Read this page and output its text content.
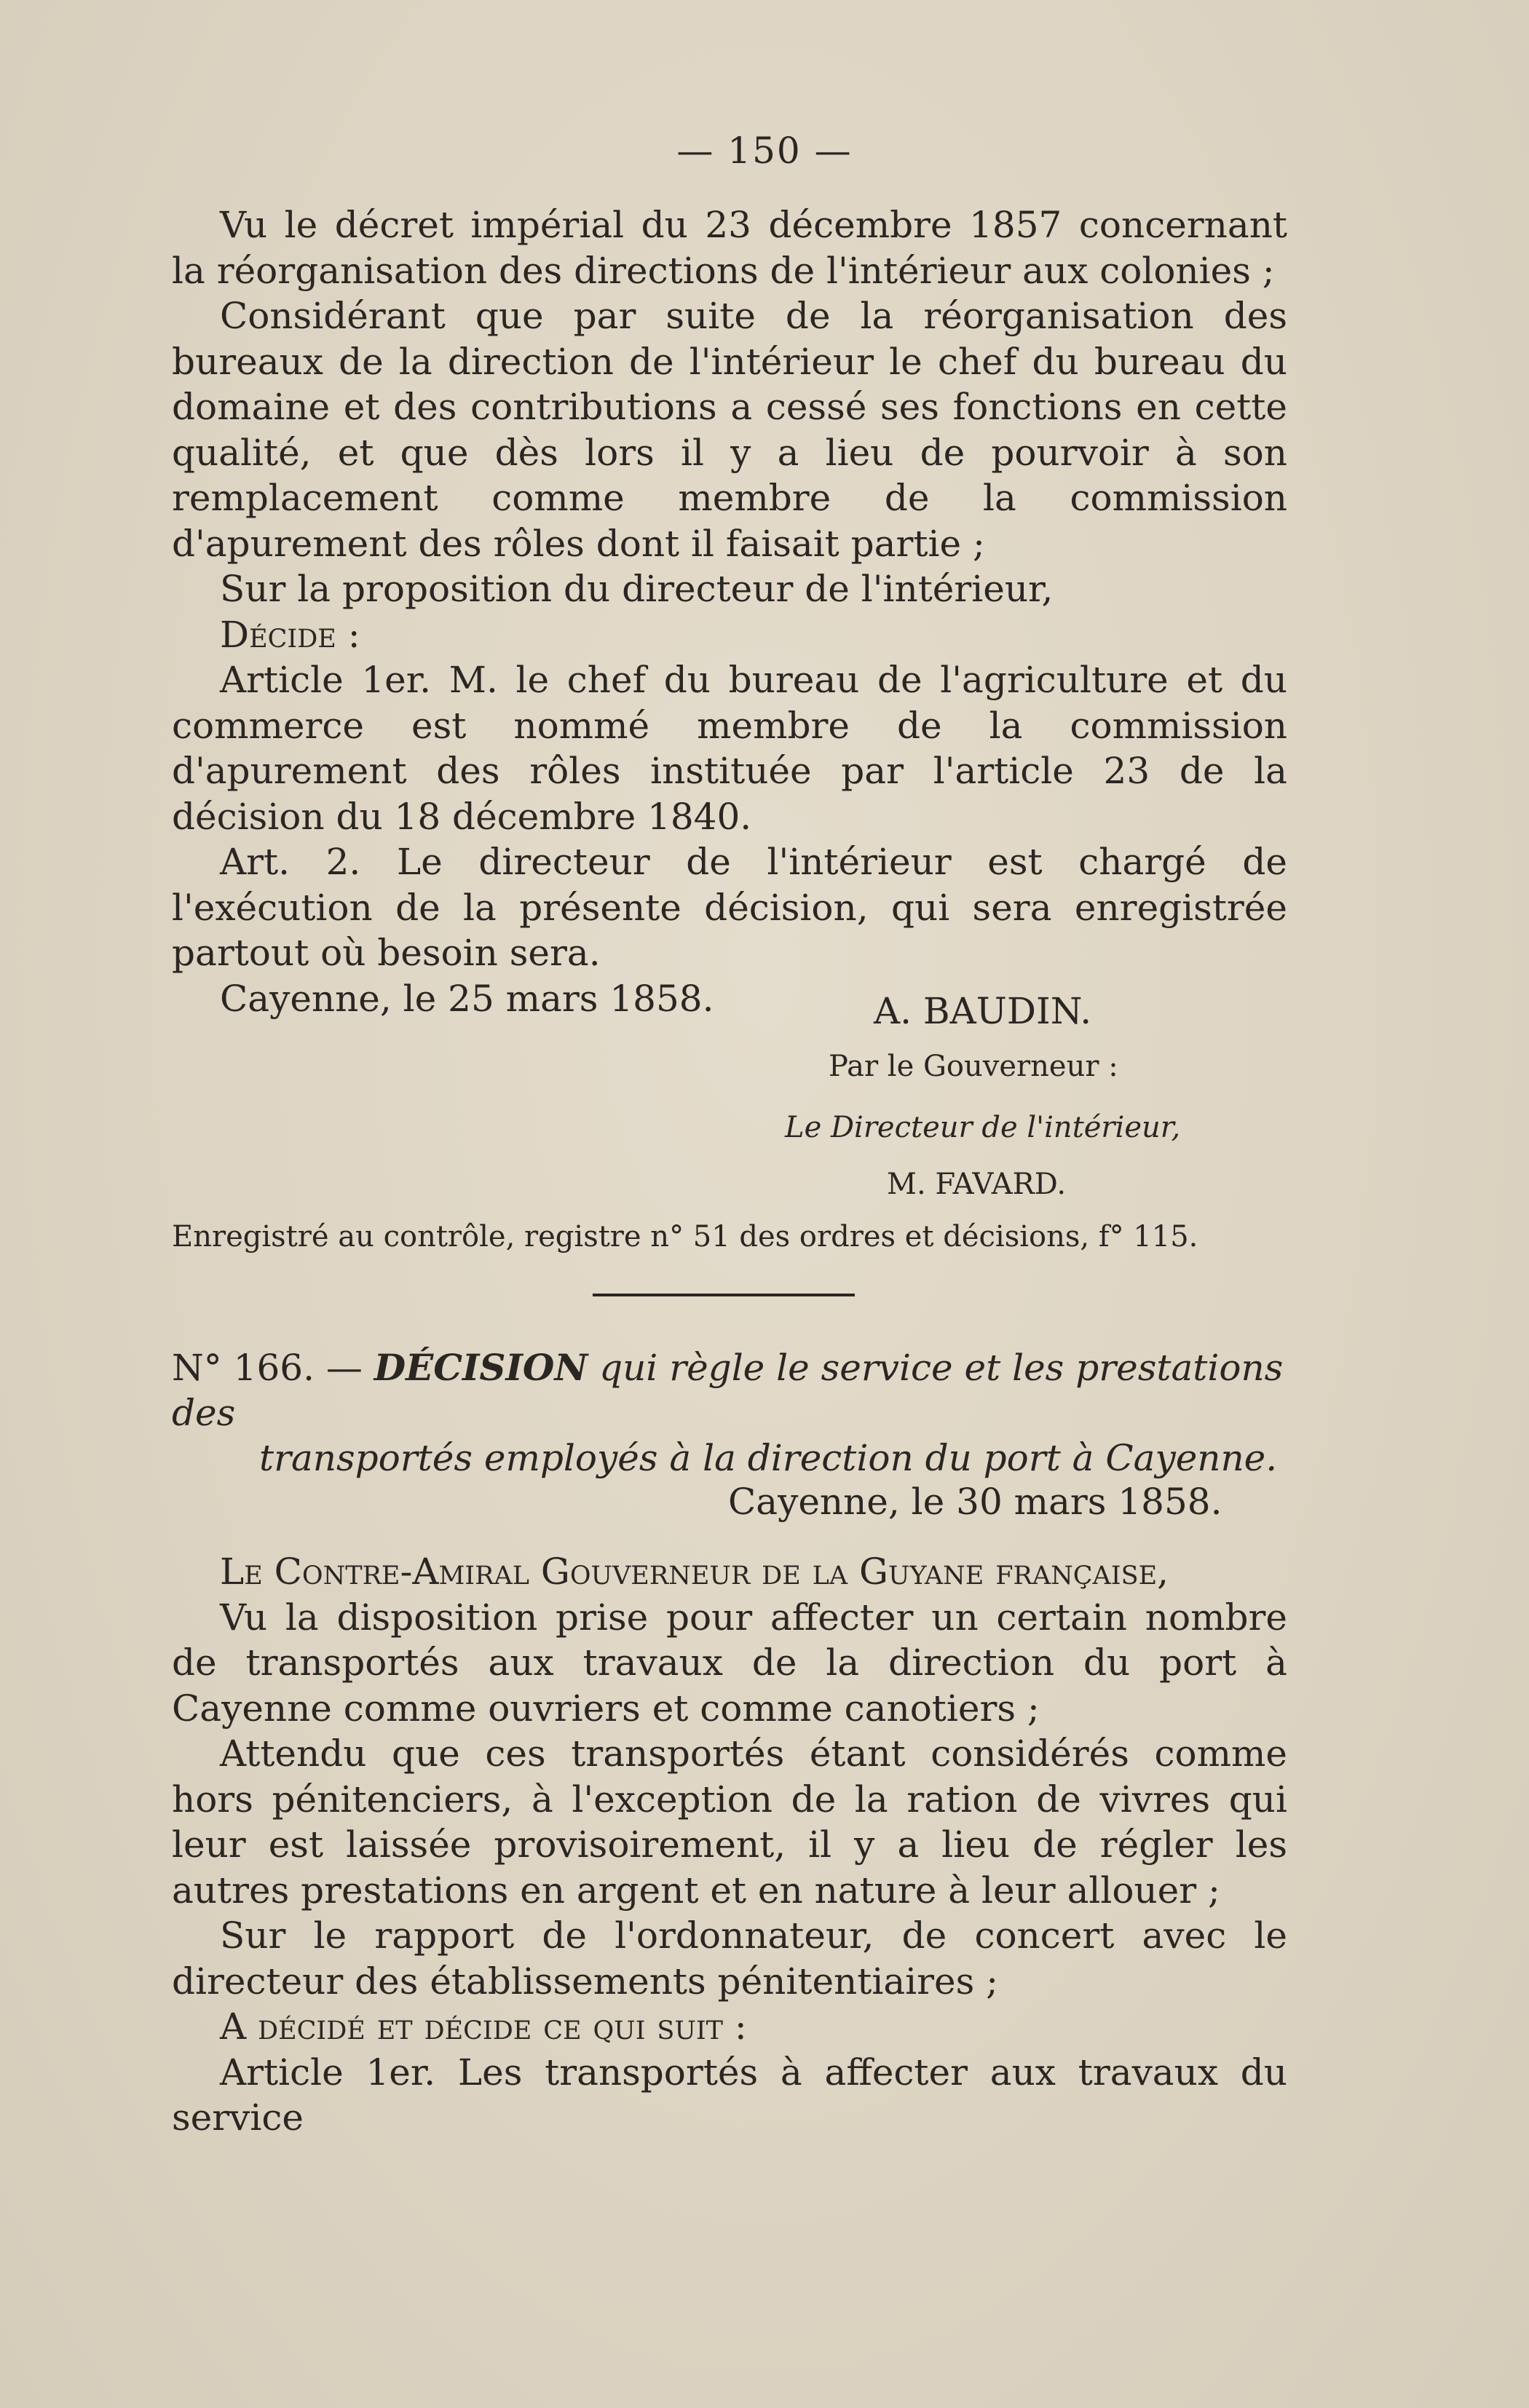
— 150 —

Vu le décret impérial du 23 décembre 1857 concernant la réorganisation des directions de l'intérieur aux colonies ;

Considérant que par suite de la réorganisation des bureaux de la direction de l'intérieur le chef du bureau du domaine et des contributions a cessé ses fonctions en cette qualité, et que dès lors il y a lieu de pourvoir à son remplacement comme membre de la commission d'apurement des rôles dont il faisait partie ;

Sur la proposition du directeur de l'intérieur,

Décide :

Article 1er. M. le chef du bureau de l'agriculture et du commerce est nommé membre de la commission d'apurement des rôles instituée par l'article 23 de la décision du 18 décembre 1840.

Art. 2. Le directeur de l'intérieur est chargé de l'exécution de la présente décision, qui sera enregistrée partout où besoin sera.

Cayenne, le 25 mars 1858.	A. BAUDIN.
Par le Gouverneur :
Le Directeur de l'intérieur,
M. FAVARD.
Enregistré au contrôle, registre n° 51 des ordres et décisions, f° 115.
N° 166. — DÉCISION qui règle le service et les prestations des
transportés employés à la direction du port à Cayenne.
Cayenne, le 30 mars 1858.

Le Contre-Amiral Gouverneur de la Guyane française,

Vu la disposition prise pour affecter un certain nombre de transportés aux travaux de la direction du port à Cayenne comme ouvriers et comme canotiers ;

Attendu que ces transportés étant considérés comme hors pénitenciers, à l'exception de la ration de vivres qui leur est laissée provisoirement, il y a lieu de régler les autres prestations en argent et en nature à leur allouer ;

Sur le rapport de l'ordonnateur, de concert avec le directeur des établissements pénitentiaires ;

A décidé et décide ce qui suit :

Article 1er. Les transportés à affecter aux travaux du service
